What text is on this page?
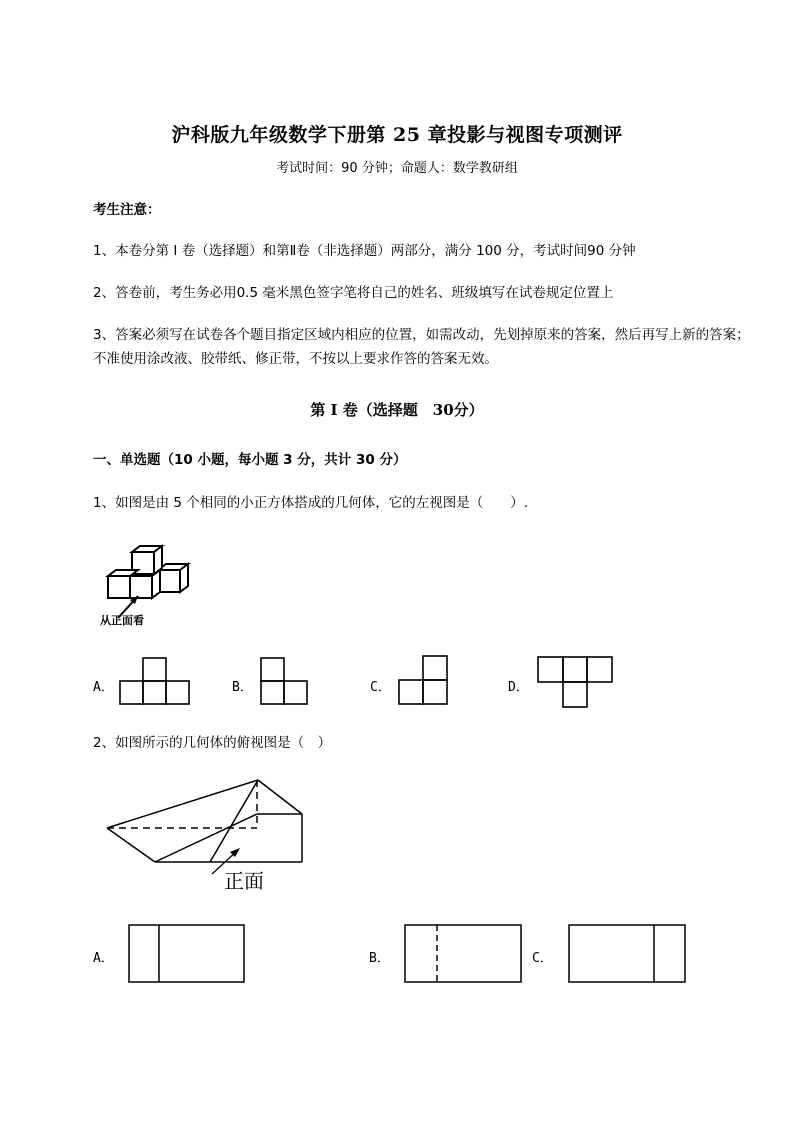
沪科版九年级数学下册第 25 章投影与视图专项测评
考试时间：90 分钟；命题人：数学教研组
考生注意：
1、本卷分第 I 卷（选择题）和第Ⅱ卷（非选择题）两部分，满分 100 分，考试时间90 分钟
2、答卷前，考生务必用0.5 毫米黑色签字笔将自己的姓名、班级填写在试卷规定位置上
3、答案必须写在试卷各个题目指定区域内相应的位置，如需改动，先划掉原来的答案，然后再写上新的答案；不准使用涂改液、胶带纸、修正带，不按以上要求作答的答案无效。
第 I 卷（选择题　30分）
一、单选题（10 小题，每小题 3 分，共计 30 分）
1、如图是由 5 个相同的小正方体搭成的几何体，它的左视图是（　　）.
从正面看
A．	B．	C．	D．
2、如图所示的几何体的俯视图是（　）
正面
A．	B．	C．
